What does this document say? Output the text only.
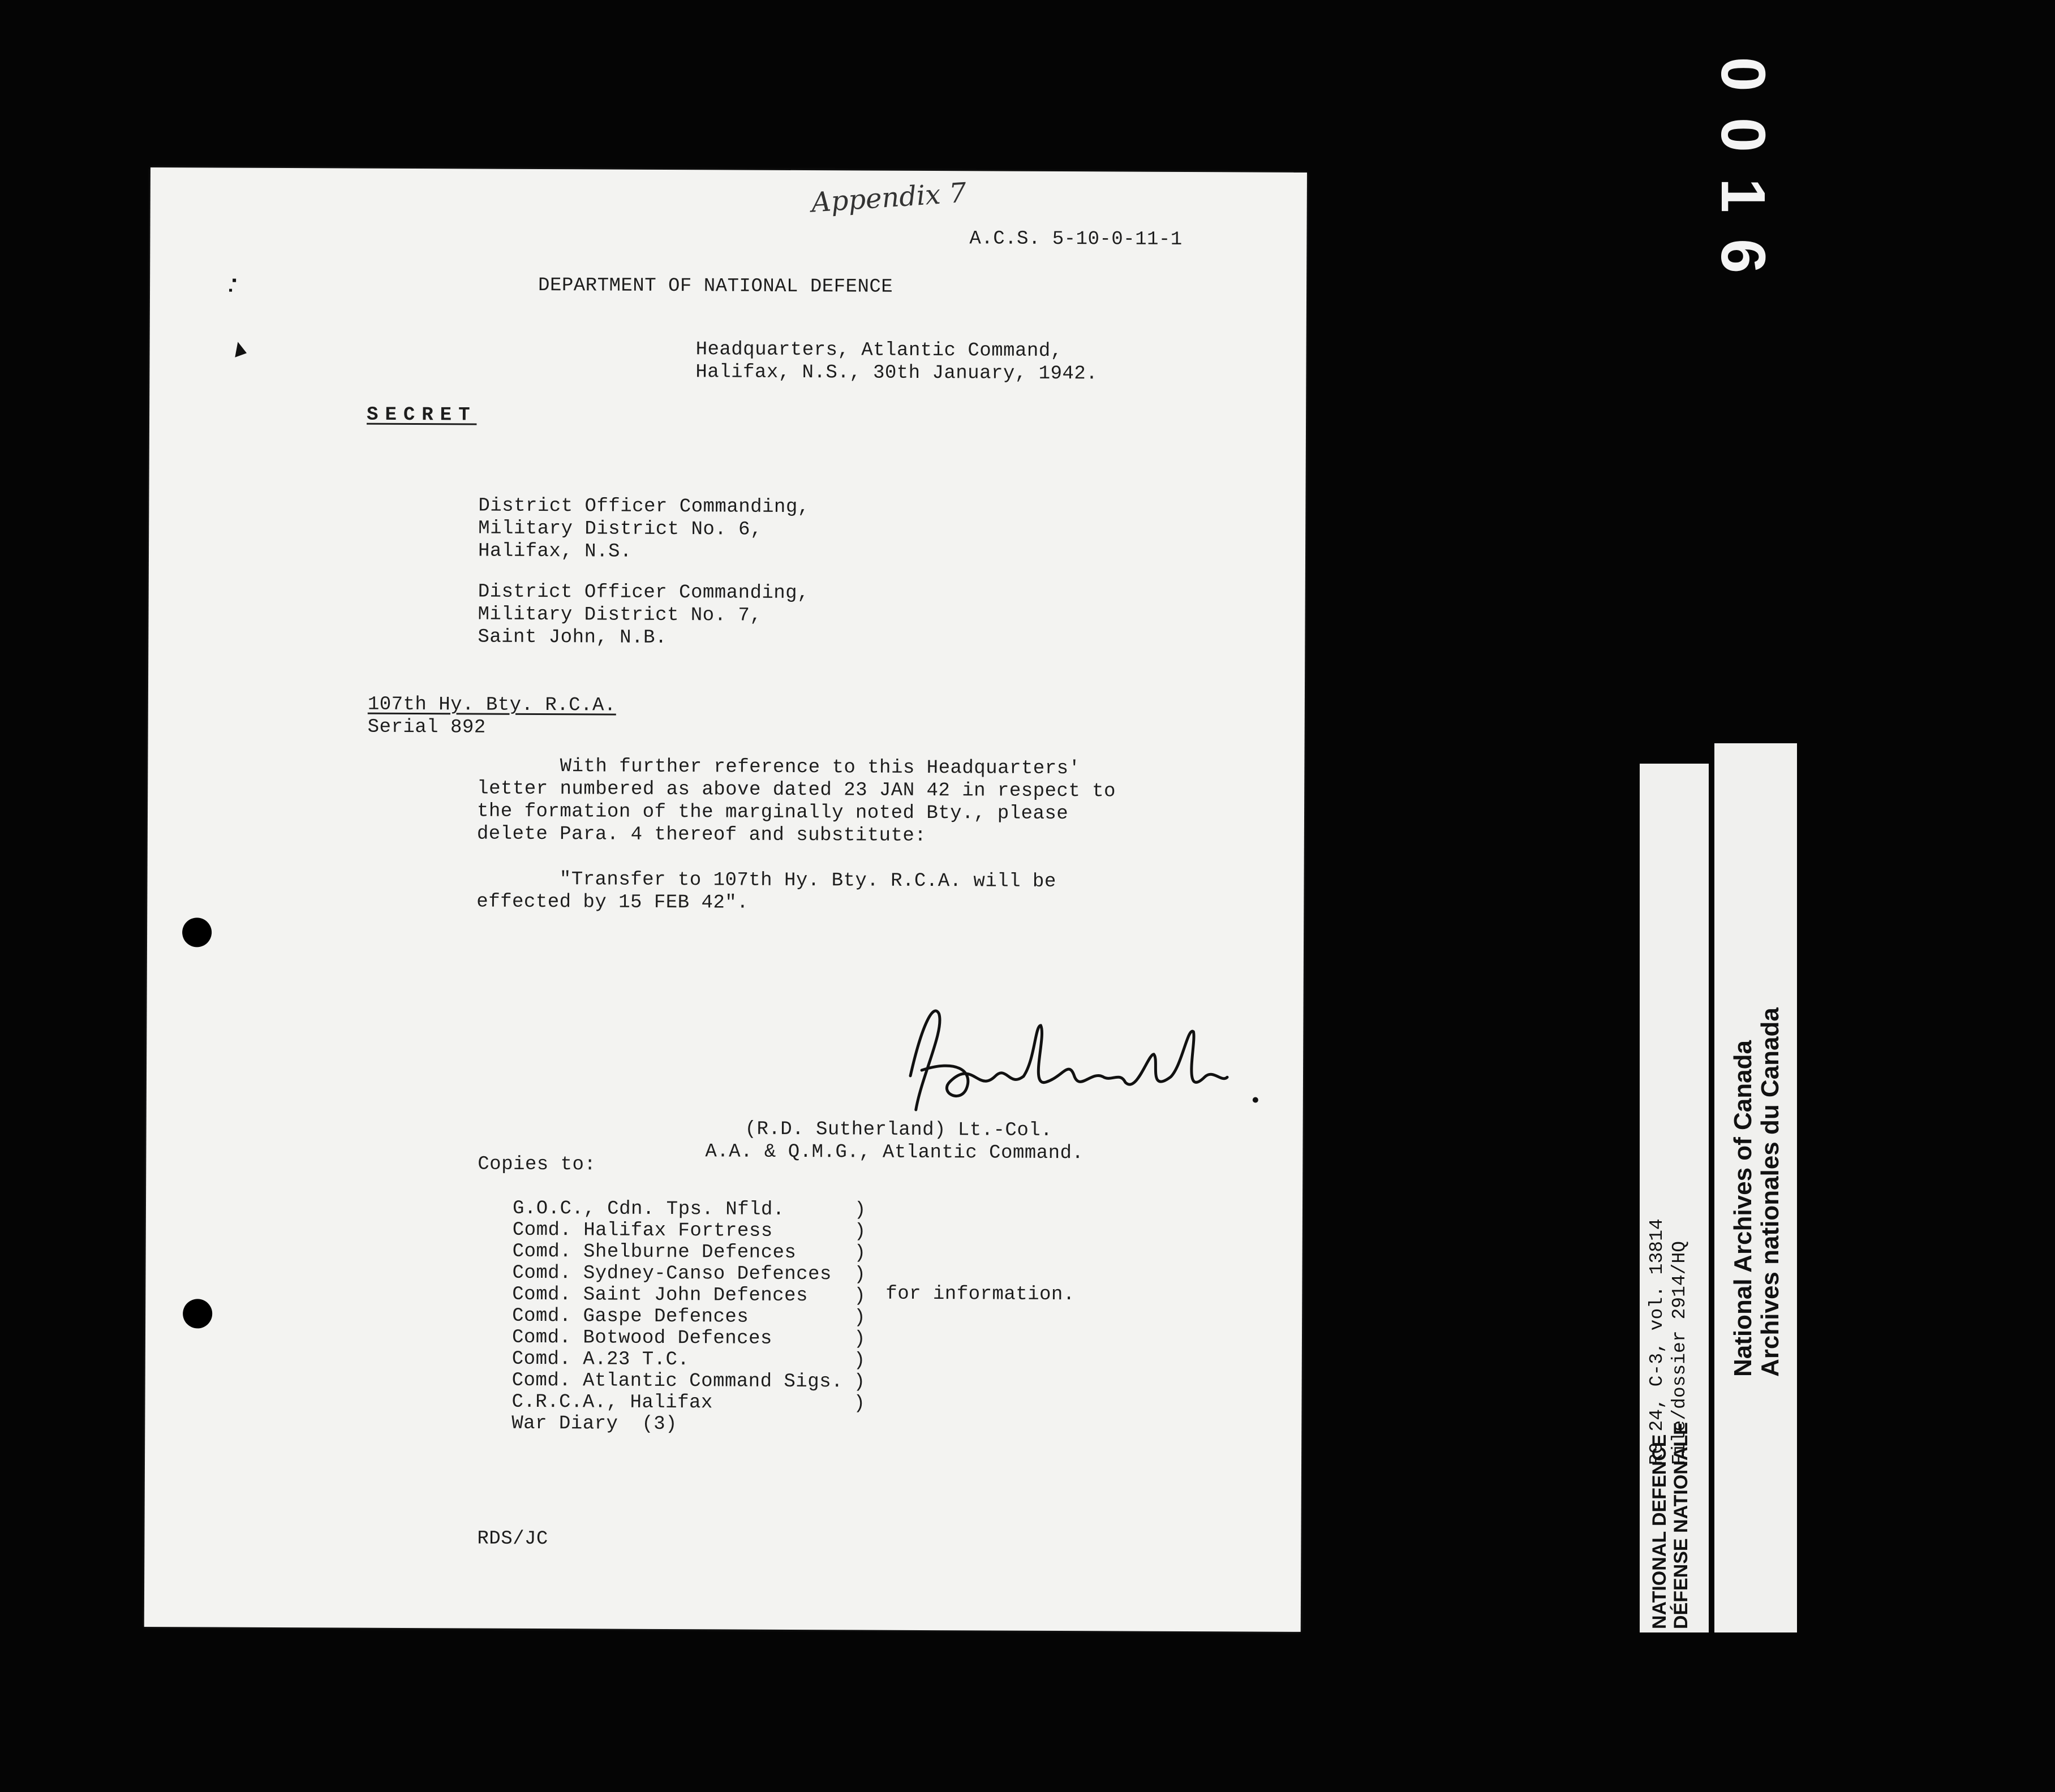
Appendix 7
A.C.S. 5-10-0-11-1
DEPARTMENT OF NATIONAL DEFENCE
Headquarters, Atlantic Command,
Halifax, N.S., 30th January, 1942.
SECRET
District Officer Commanding,
Military District No. 6,
Halifax, N.S.
District Officer Commanding,
Military District No. 7,
Saint John, N.B.
107th Hy. Bty. R.C.A.
Serial 892
With further reference to this Headquarters'
letter numbered as above dated 23 JAN 42 in respect to
the formation of the marginally noted Bty., please
delete Para. 4 thereof and substitute:
"Transfer to 107th Hy. Bty. R.C.A. will be
effected by 15 FEB 42".
(R.D. Sutherland) Lt.-Col.
A.A. & Q.M.G., Atlantic Command.
Copies to:
G.O.C., Cdn. Tps. Nfld.	)
Comd. Halifax Fortress	)
Comd. Shelburne Defences	)
Comd. Sydney-Canso Defences )
Comd. Saint John Defences )
Comd. Gaspe Defences	)
Comd. Botwood Defences	)
Comd. A.23 T.C.	)
Comd. Atlantic Command Sigs. )
C.R.C.A., Halifax	)
War Diary  (3)
for information.
RDS/JC
0016
RG 24, C-3, vol. 13814 File/dossier 2914/HQ
NATIONAL DEFENCE DÉFENSE NATIONALE
National Archives of Canada Archives nationales du Canada
